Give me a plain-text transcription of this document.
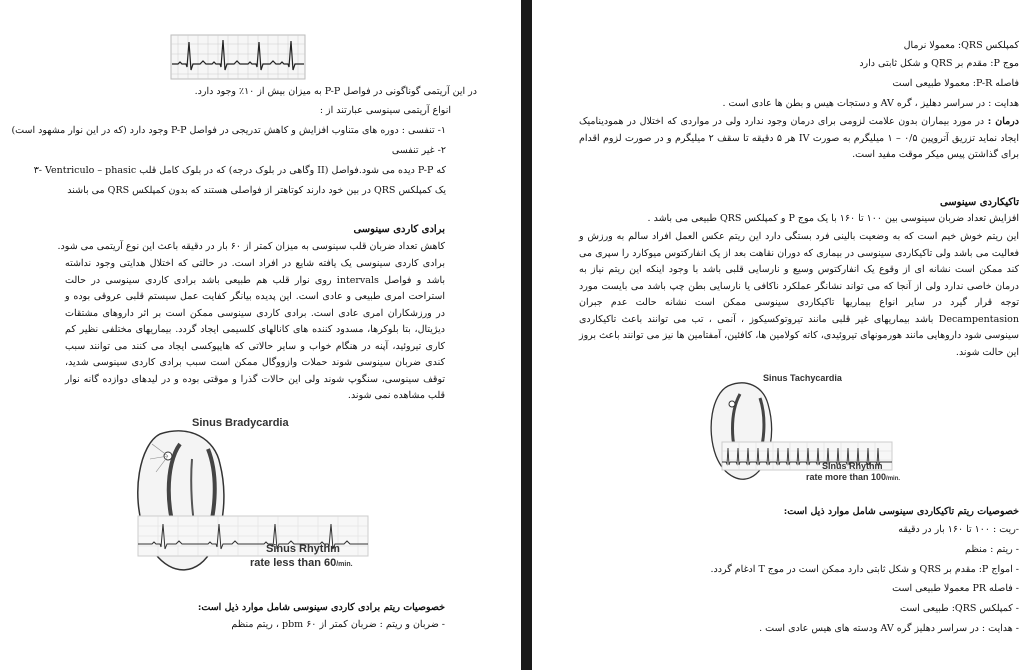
در این آریتمی گوناگونی در فواصل P-P به میزان بیش از ۱۰٪ وجود دارد.
انواع آریتمی سینوسی عبارتند از :
۱- تنفسی : دوره های متناوب افزایش و کاهش تدریجی در فواصل P-P وجود دارد (که در این نوار مشهود است)
۲- غیر تنفسی
۳- Ventriculo – phasic که در بلوک کامل قلب (وگاهی در بلوک درجه II) دیده می شود.فواصل P-P که
یک کمپلکس QRS در بین خود دارند کوتاهتر از فواصلی هستند که بدون کمپلکس QRS می باشند
برادی کاردی سینوسی
کاهش تعداد ضربان قلب سینوسی به میزان کمتر از ۶۰ بار در دقیقه باعث این نوع آریتمی می شود.

برادی کاردی سینوسی یک یافته شایع در افراد است. در حالتی که اختلال هدایتی وجود نداشته باشد و فواصل intervals روی نوار قلب هم طبیعی باشد برادی کاردی سینوسی در حالت استراحت امری طبیعی و عادی است. این پدیده بیانگر کفایت عمل سیستم قلبی عروقی بوده و در ورزشکاران امری عادی است. برادی کاردی سینوسی ممکن است بر اثر داروهای مشتقات دیژیتال، بتا بلوکرها، مسدود کننده های کانالهای کلسیمی ایجاد گردد. بیماریهای مختلفی نظیر کم کاری تیروئید، آپنه در هنگام خواب و سایر حالاتی که هایپوکسی ایجاد می کنند می توانند سبب کندی ضربان سینوسی شوند حملات وازووگال ممکن است سبب برادی کاردی سینوسی شدید، توقف سینوسی، سنگوپ شوند ولی این حالات گذرا و موقتی بوده و در لیدهای دوازده گانه نوار قلب مشاهده نمی شوند.

Sinus Bradycardia
Sinus Rhythm
rate less than 60/min.
خصوصیات ریتم برادی کاردی سینوسی شامل موارد ذیل است:
- ضربان و ریتم : ضربان کمتر از ۶۰ pbm ، ریتم منظم
کمپلکس QRS: معمولا نرمال
موج P: مقدم بر QRS و شکل ثابتی دارد
فاصله P-R: معمولا طبیعی است
هدایت : در سراسر دهلیز ، گره AV و دستجات هیس و بطن ها عادی است .

درمان : در مورد بیماران بدون علامت لزومی برای درمان وجود ندارد ولی در مواردی که اختلال در همودینامیک ایجاد نماید تزریق آتروپین ۰/۵ – ۱ میلیگرم به صورت IV هر ۵ دقیقه تا سقف ۲ میلیگرم و در صورت لزوم اقدام برای گذاشتن پیس میکر موقت مفید است.

تاکیکاردی سینوسی
افزایش تعداد ضربان سینوسی بین ۱۰۰ تا ۱۶۰ با یک موج P و کمپلکس QRS طبیعی می باشد .

این ریتم خوش خیم است که به وضعیت بالینی فرد بستگی دارد این ریتم عکس العمل افراد سالم به ورزش و فعالیت می باشد ولی تاکیکاردی سینوسی در بیماری که دوران نقاهت بعد از یک انفارکتوس میوکارد را سپری می کند ممکن است نشانه ای از وقوع یک انفارکتوس وسیع و نارسایی قلبی باشد با وجود اینکه این ریتم نیاز به درمان خاصی ندارد ولی از آنجا که می تواند نشانگر عملکرد ناکافی یا نارسایی بطن چپ باشد می بایست مورد توجه قرار گیرد در سایر انواع بیماریها تاکیکاردی سینوسی ممکن است نشانه حالت عدم جبران Decampentasion باشد بیماریهای غیر قلبی مانند تیروتوکسیکوز ، آنمی ، تب می توانند باعث تاکیکاردی سینوسی شود داروهایی مانند هورمونهای تیروئیدی، کاته کولامین ها، کافئین، آمفتامین ها نیز می توانند باعث بروز این حالت شوند.

Sinus Tachycardia
Sinus Rhythm
rate more than 100/min.
خصوصیات ریتم تاکیکاردی سینوسی شامل موارد ذیل است:
-ریت : ۱۰۰ تا ۱۶۰ بار در دقیقه
- ریتم : منظم
- امواج P: مقدم بر QRS و شکل ثابتی دارد ممکن است در موج T ادغام گردد.
- فاصله PR معمولا طبیعی است
- کمپلکس QRS: طبیعی است
- هدایت : در سراسر دهلیز گره AV ودسته های هیس عادی است .
